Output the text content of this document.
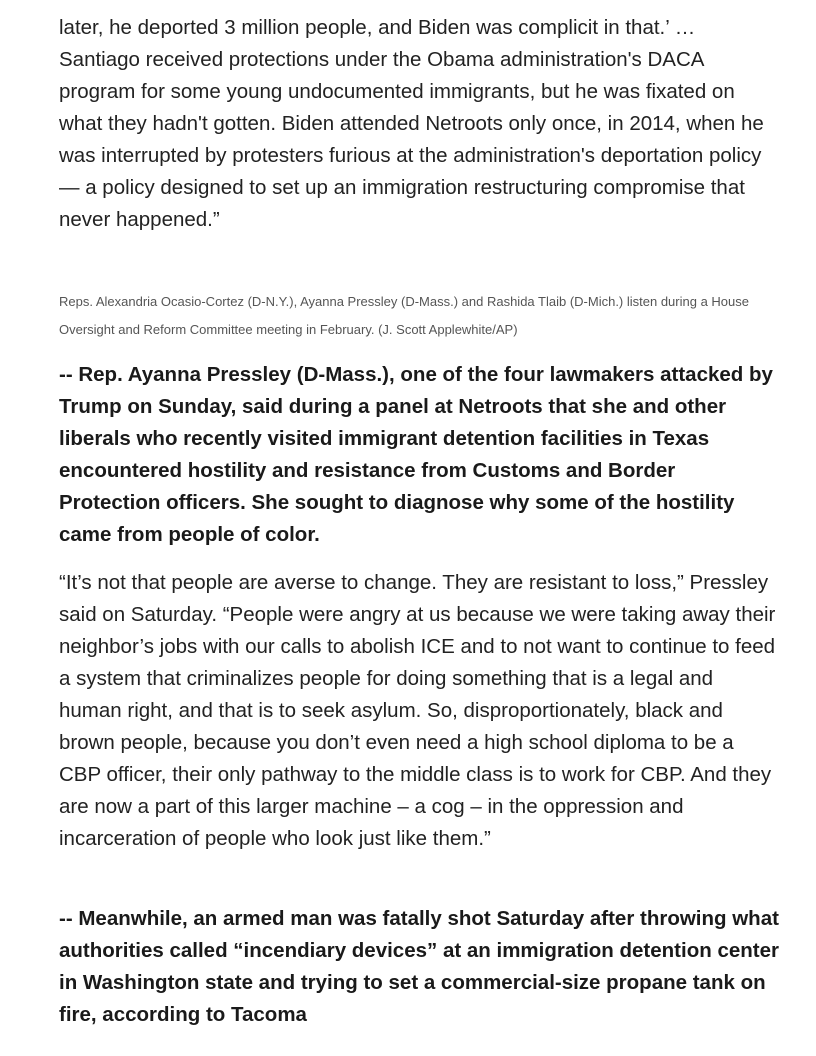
later, he deported 3 million people, and Biden was complicit in that.’ … Santiago received protections under the Obama administration's DACA program for some young undocumented immigrants, but he was fixated on what they hadn't gotten. Biden attended Netroots only once, in 2014, when he was interrupted by protesters furious at the administration's deportation policy — a policy designed to set up an immigration restructuring compromise that never happened.”

Reps. Alexandria Ocasio-Cortez (D-N.Y.), Ayanna Pressley (D-Mass.) and Rashida Tlaib (D-Mich.) listen during a House Oversight and Reform Committee meeting in February. (J. Scott Applewhite/AP)

-- Rep. Ayanna Pressley (D-Mass.), one of the four lawmakers attacked by Trump on Sunday, said during a panel at Netroots that she and other liberals who recently visited immigrant detention facilities in Texas encountered hostility and resistance from Customs and Border Protection officers. She sought to diagnose why some of the hostility came from people of color.

“It’s not that people are averse to change. They are resistant to loss,” Pressley said on Saturday. “People were angry at us because we were taking away their neighbor’s jobs with our calls to abolish ICE and to not want to continue to feed a system that criminalizes people for doing something that is a legal and human right, and that is to seek asylum. So, disproportionately, black and brown people, because you don’t even need a high school diploma to be a CBP officer, their only pathway to the middle class is to work for CBP. And they are now a part of this larger machine – a cog – in the oppression and incarceration of people who look just like them.”

-- Meanwhile, an armed man was fatally shot Saturday after throwing what authorities called “incendiary devices” at an immigration detention center in Washington state and trying to set a commercial-size propane tank on fire, according to Tacoma
